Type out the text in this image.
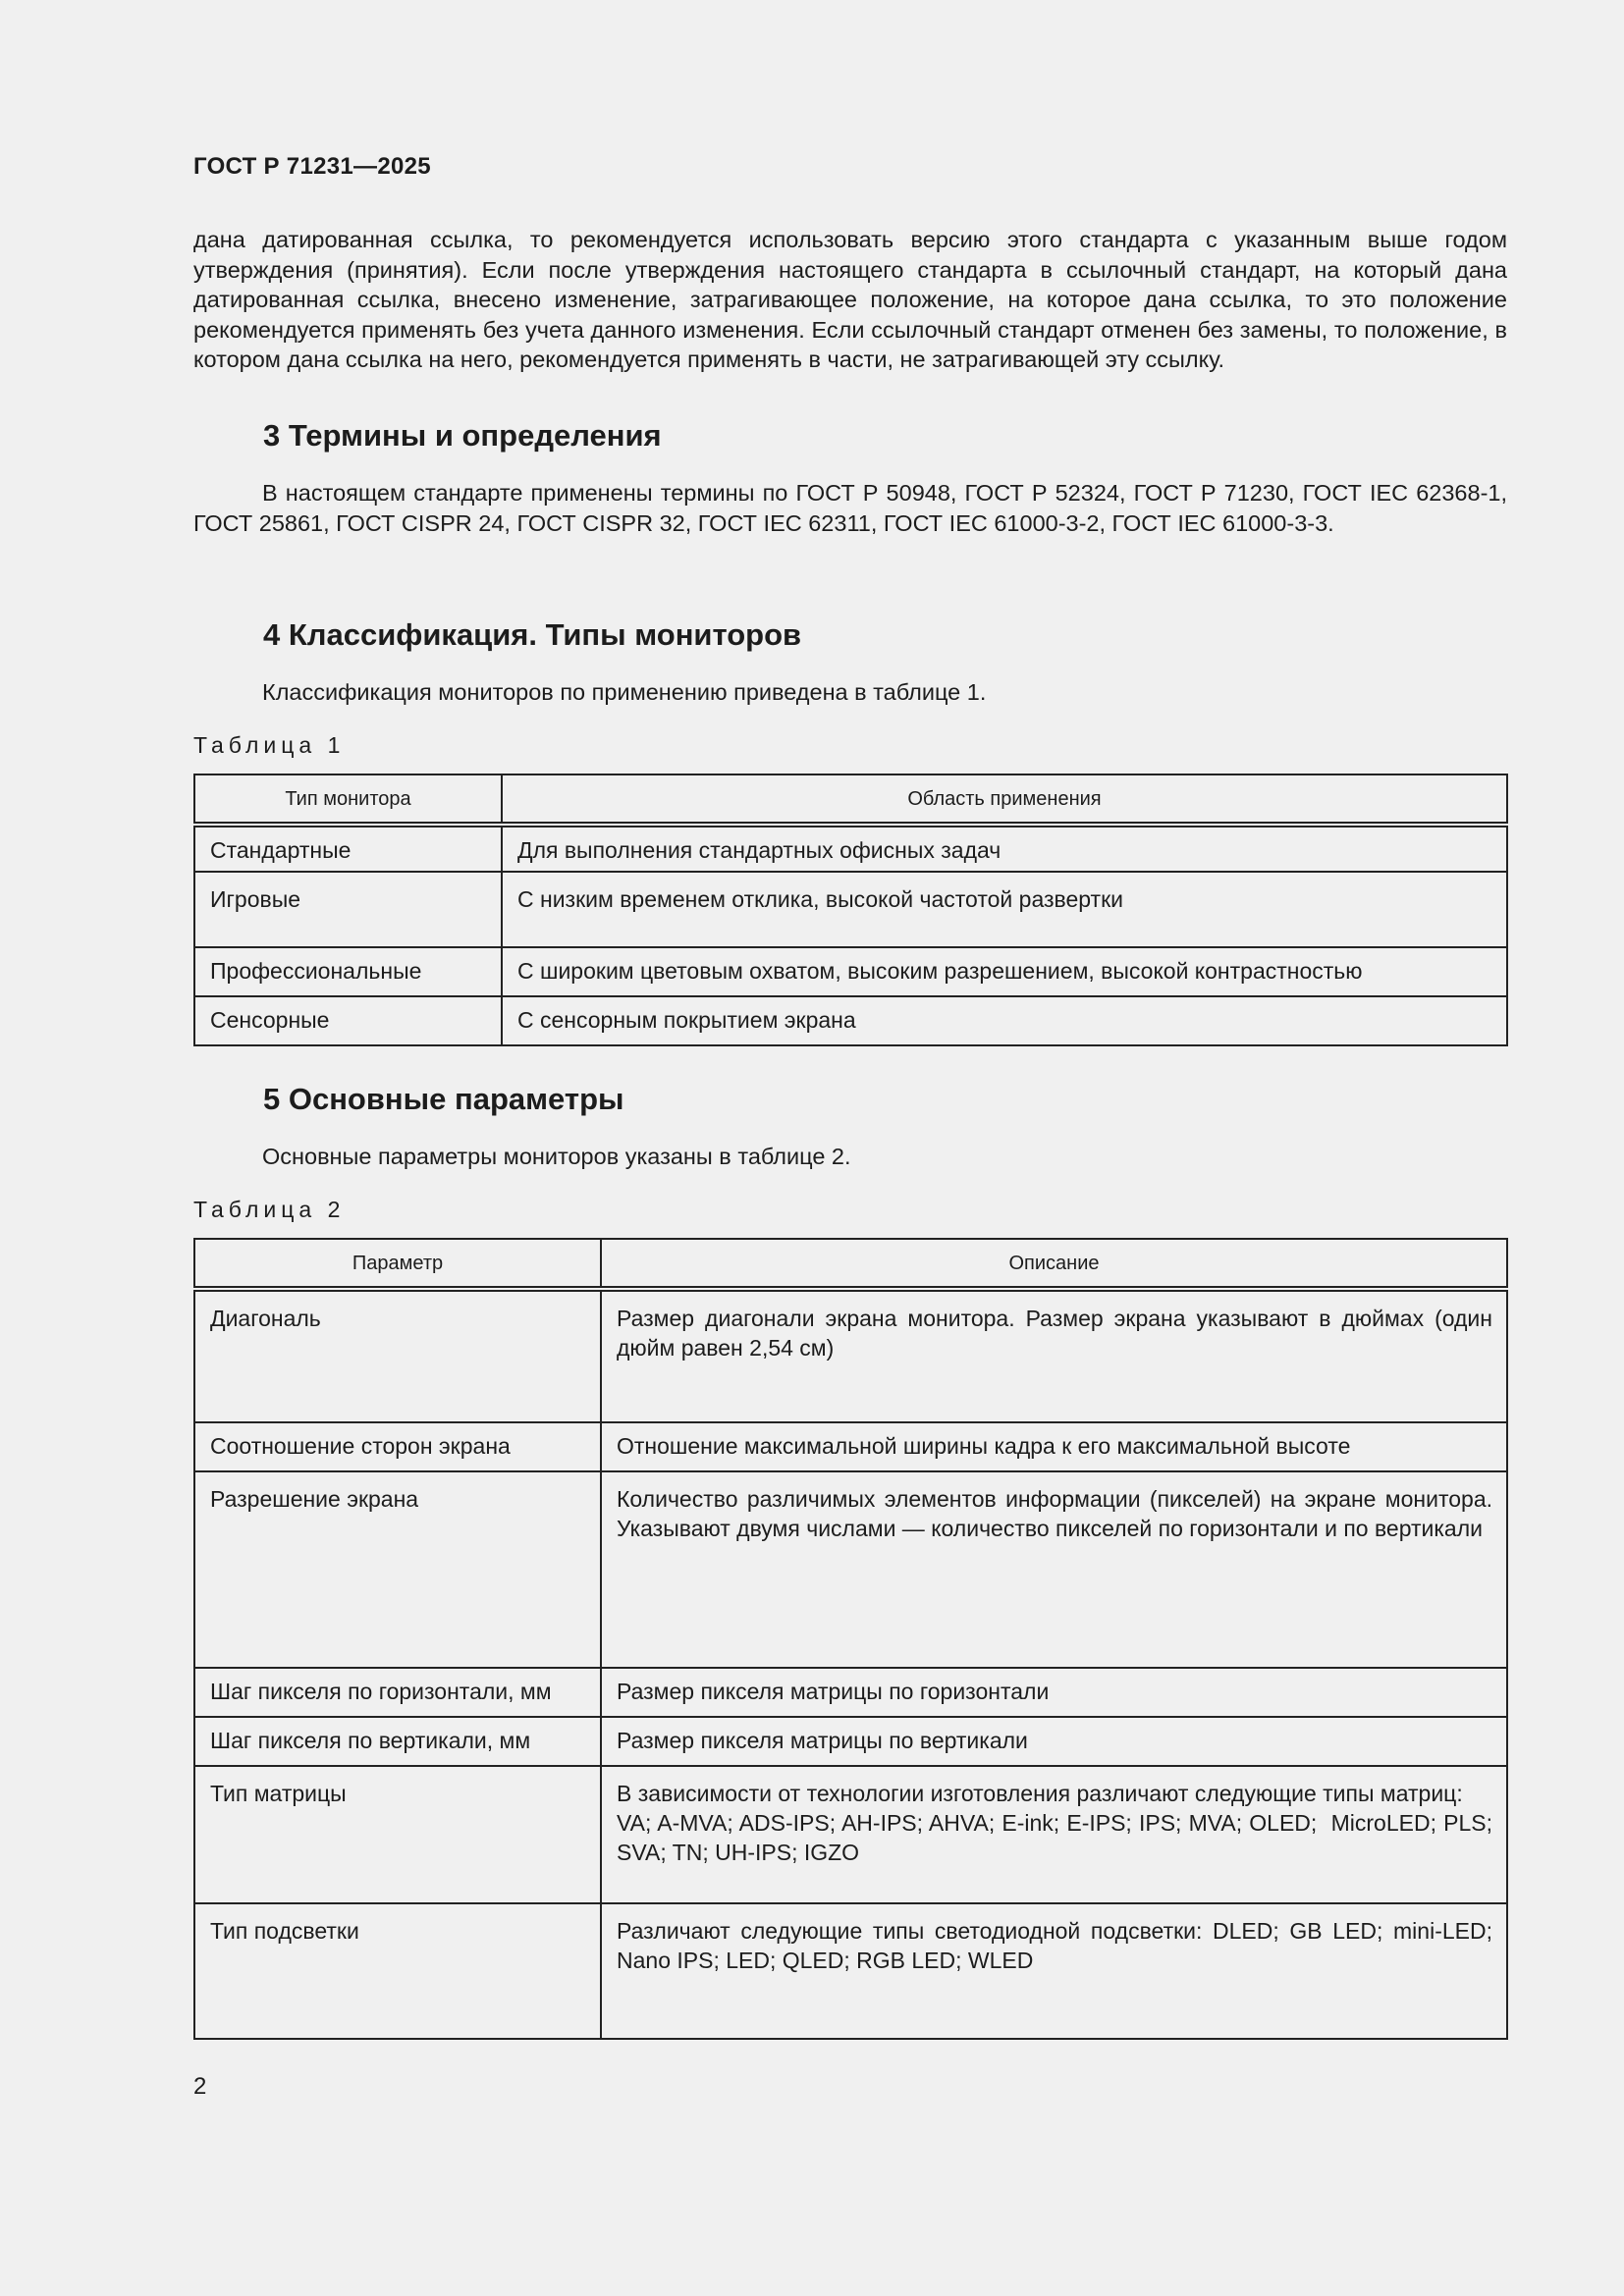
ГОСТ Р 71231—2025
дана датированная ссылка, то рекомендуется использовать версию этого стандарта с указанным выше годом утверждения (принятия). Если после утверждения настоящего стандарта в ссылочный стандарт, на который дана датированная ссылка, внесено изменение, затрагивающее положение, на которое дана ссылка, то это положение рекомендуется применять без учета данного изменения. Если ссылочный стандарт отменен без замены, то положение, в котором дана ссылка на него, рекомендуется применять в части, не затрагивающей эту ссылку.
3 Термины и определения
В настоящем стандарте применены термины по ГОСТ Р 50948, ГОСТ Р 52324, ГОСТ Р 71230, ГОСТ IEC 62368-1, ГОСТ 25861, ГОСТ CISPR 24, ГОСТ CISPR 32, ГОСТ IEC 62311, ГОСТ IEC 61000-3-2, ГОСТ IEC 61000-3-3.
4 Классификация. Типы мониторов
Классификация мониторов по применению приведена в таблице 1.
Таблица 1
Тип монитора	Область применения
Стандартные	Для выполнения стандартных офисных задач
Игровые	С низким временем отклика, высокой частотой развертки
Профессиональные	С широким цветовым охватом, высоким разрешением, высокой контрастностью
Сенсорные	С сенсорным покрытием экрана
5 Основные параметры
Основные параметры мониторов указаны в таблице 2.
Таблица 2
Параметр	Описание
Диагональ	Размер диагонали экрана монитора. Размер экрана указывают в дюймах (один дюйм равен 2,54 см)
Соотношение сторон экрана	Отношение максимальной ширины кадра к его максимальной высоте
Разрешение экрана	Количество различимых элементов информации (пикселей) на экране монитора. Указывают двумя числами — количество пикселей по горизонтали и по вертикали
Шаг пикселя по горизонтали, мм	Размер пикселя матрицы по горизонтали
Шаг пикселя по вертикали, мм	Размер пикселя матрицы по вертикали
Тип матрицы	В зависимости от технологии изготовления различают следующие типы матриц:
VA; A-MVA; ADS-IPS; AH-IPS; AHVA; E-ink; E-IPS; IPS; MVA; OLED;  MicroLED; PLS; SVA; TN; UH-IPS; IGZO

Тип подсветки	Различают следующие типы светодиодной подсветки: DLED; GB LED; mini-LED; Nano IPS; LED; QLED; RGB LED; WLED
2
